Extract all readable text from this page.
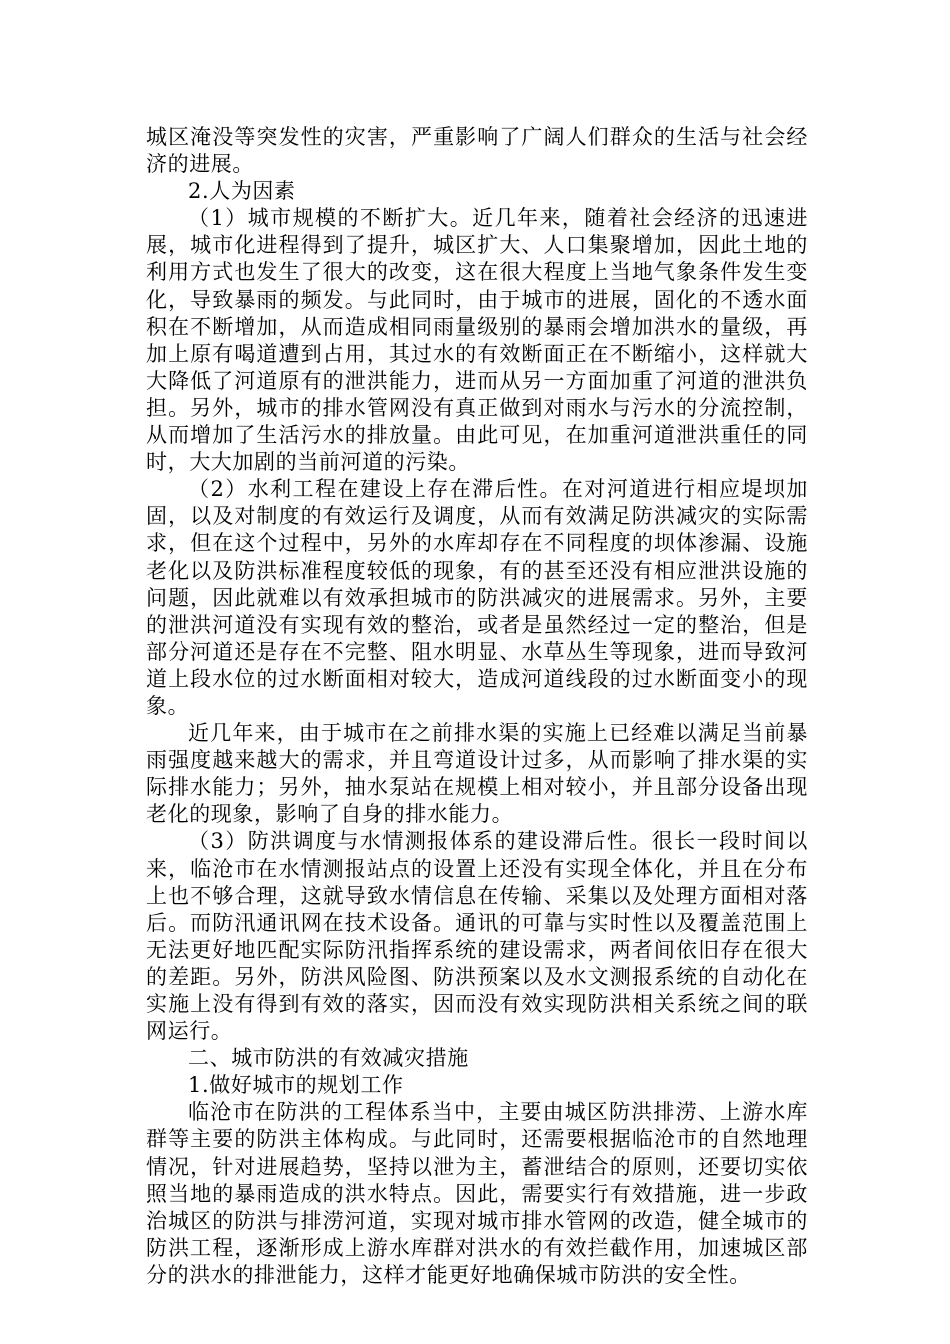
城区淹没等突发性的灾害，严重影响了广阔人们群众的生活与社会经济的进展。

2.人为因素

（1）城市规模的不断扩大。近几年来，随着社会经济的迅速进展，城市化进程得到了提升，城区扩大、人口集聚增加，因此土地的利用方式也发生了很大的改变，这在很大程度上当地气象条件发生变化，导致暴雨的频发。与此同时，由于城市的进展，固化的不透水面积在不断增加，从而造成相同雨量级别的暴雨会增加洪水的量级，再加上原有喝道遭到占用，其过水的有效断面正在不断缩小，这样就大大降低了河道原有的泄洪能力，进而从另一方面加重了河道的泄洪负担。另外，城市的排水管网没有真正做到对雨水与污水的分流控制，从而增加了生活污水的排放量。由此可见，在加重河道泄洪重任的同时，大大加剧的当前河道的污染。

（2）水利工程在建设上存在滞后性。在对河道进行相应堤坝加固，以及对制度的有效运行及调度，从而有效满足防洪减灾的实际需求，但在这个过程中，另外的水库却存在不同程度的坝体渗漏、设施老化以及防洪标准程度较低的现象，有的甚至还没有相应泄洪设施的问题，因此就难以有效承担城市的防洪减灾的进展需求。另外，主要的泄洪河道没有实现有效的整治，或者是虽然经过一定的整治，但是部分河道还是存在不完整、阻水明显、水草丛生等现象，进而导致河道上段水位的过水断面相对较大，造成河道线段的过水断面变小的现象。

近几年来，由于城市在之前排水渠的实施上已经难以满足当前暴雨强度越来越大的需求，并且弯道设计过多，从而影响了排水渠的实际排水能力；另外，抽水泵站在规模上相对较小，并且部分设备出现老化的现象，影响了自身的排水能力。

（3）防洪调度与水情测报体系的建设滞后性。很长一段时间以来，临沧市在水情测报站点的设置上还没有实现全体化，并且在分布上也不够合理，这就导致水情信息在传输、采集以及处理方面相对落后。而防汛通讯网在技术设备。通讯的可靠与实时性以及覆盖范围上无法更好地匹配实际防汛指挥系统的建设需求，两者间依旧存在很大的差距。另外，防洪风险图、防洪预案以及水文测报系统的自动化在实施上没有得到有效的落实，因而没有效实现防洪相关系统之间的联网运行。

二、城市防洪的有效减灾措施

1.做好城市的规划工作

临沧市在防洪的工程体系当中，主要由城区防洪排涝、上游水库群等主要的防洪主体构成。与此同时，还需要根据临沧市的自然地理情况，针对进展趋势，坚持以泄为主，蓄泄结合的原则，还要切实依照当地的暴雨造成的洪水特点。因此，需要实行有效措施，进一步政治城区的防洪与排涝河道，实现对城市排水管网的改造，健全城市的防洪工程，逐渐形成上游水库群对洪水的有效拦截作用，加速城区部分的洪水的排泄能力，这样才能更好地确保城市防洪的安全性。
